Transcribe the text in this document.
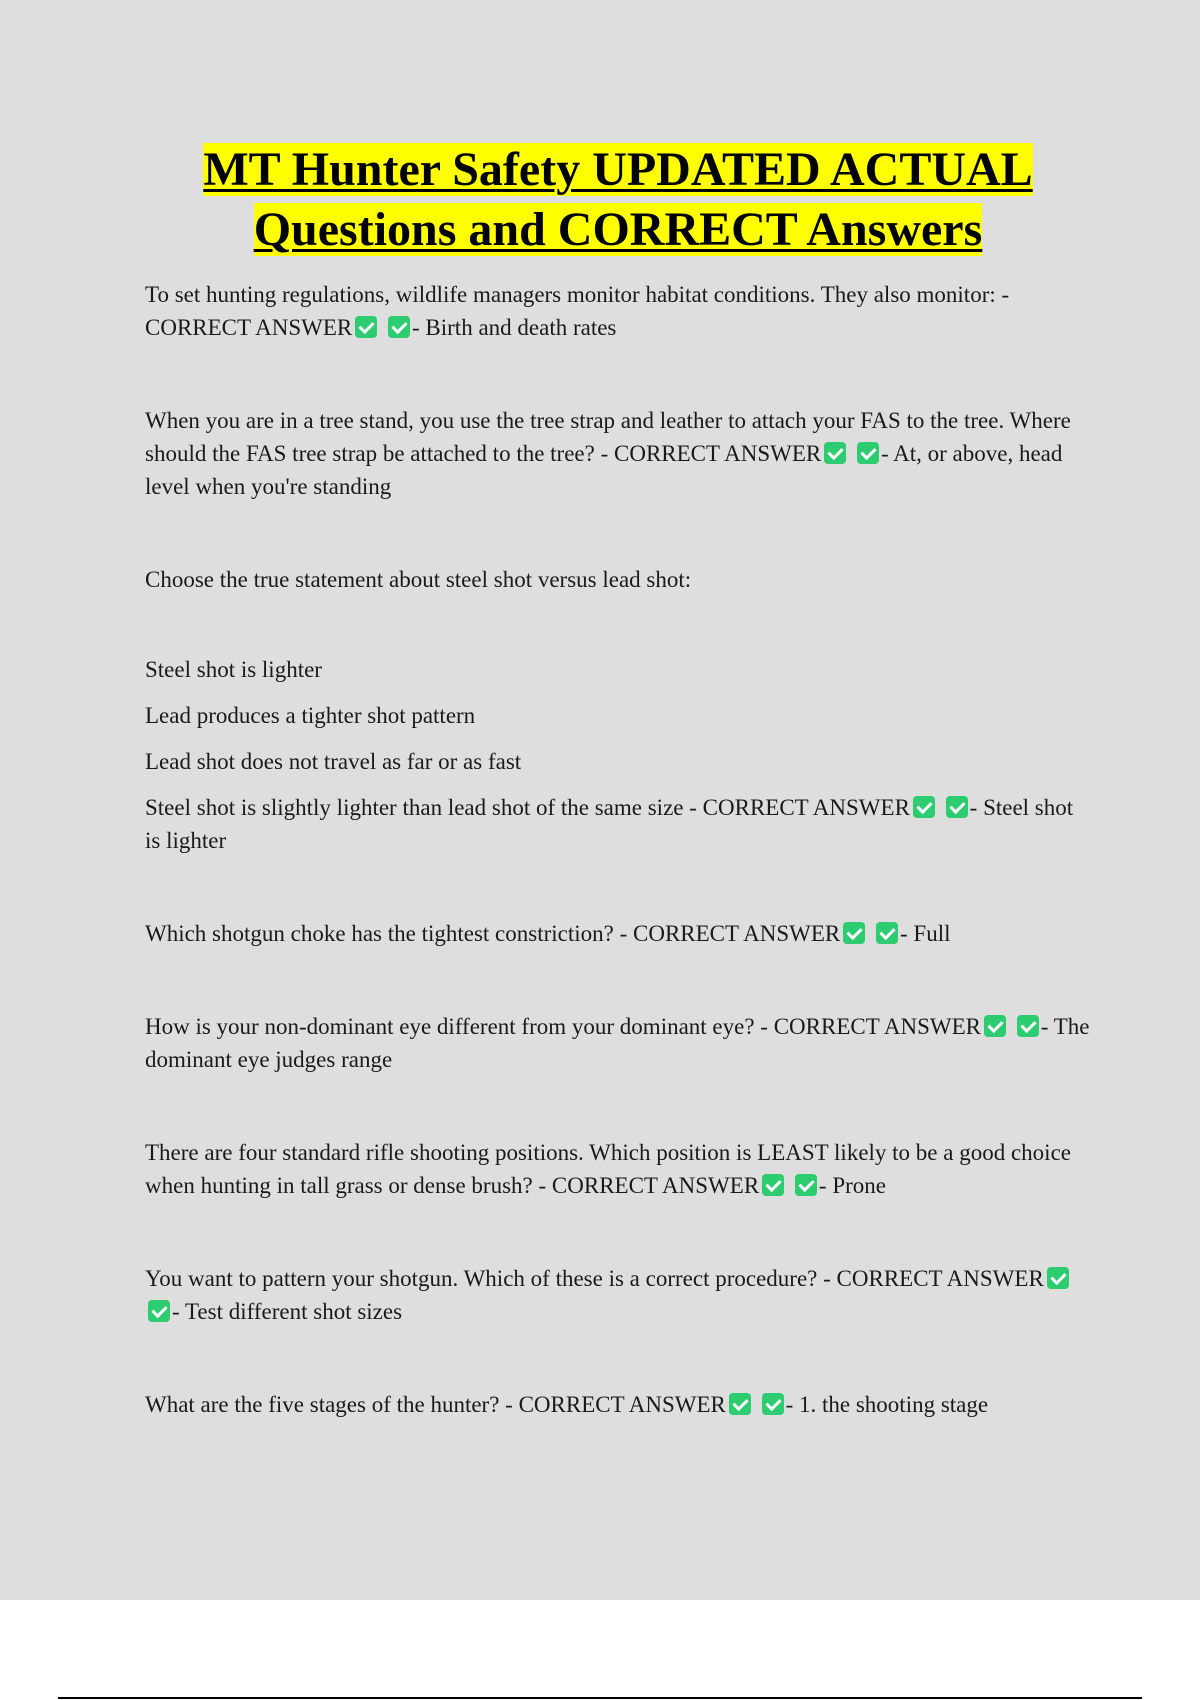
MT Hunter Safety UPDATED ACTUAL
Questions and CORRECT Answers

To set hunting regulations, wildlife managers monitor habitat conditions. They also monitor: - CORRECT ANSWER	- Birth and death rates

When you are in a tree stand, you use the tree strap and leather to attach your FAS to the tree. Where should the FAS tree strap be attached to the tree? - CORRECT ANSWER	- At, or above, head level when you're standing

Choose the true statement about steel shot versus lead shot:

Steel shot is lighter

Lead produces a tighter shot pattern

Lead shot does not travel as far or as fast

Steel shot is slightly lighter than lead shot of the same size - CORRECT ANSWER	- Steel shot is lighter

Which shotgun choke has the tightest constriction? - CORRECT ANSWER	- Full

How is your non-dominant eye different from your dominant eye? - CORRECT ANSWER	- The dominant eye judges range

There are four standard rifle shooting positions. Which position is LEAST likely to be a good choice when hunting in tall grass or dense brush? - CORRECT ANSWER	- Prone

You want to pattern your shotgun. Which of these is a correct procedure? - CORRECT ANSWER - Test different shot sizes

What are the five stages of the hunter? - CORRECT ANSWER	- 1. the shooting stage
